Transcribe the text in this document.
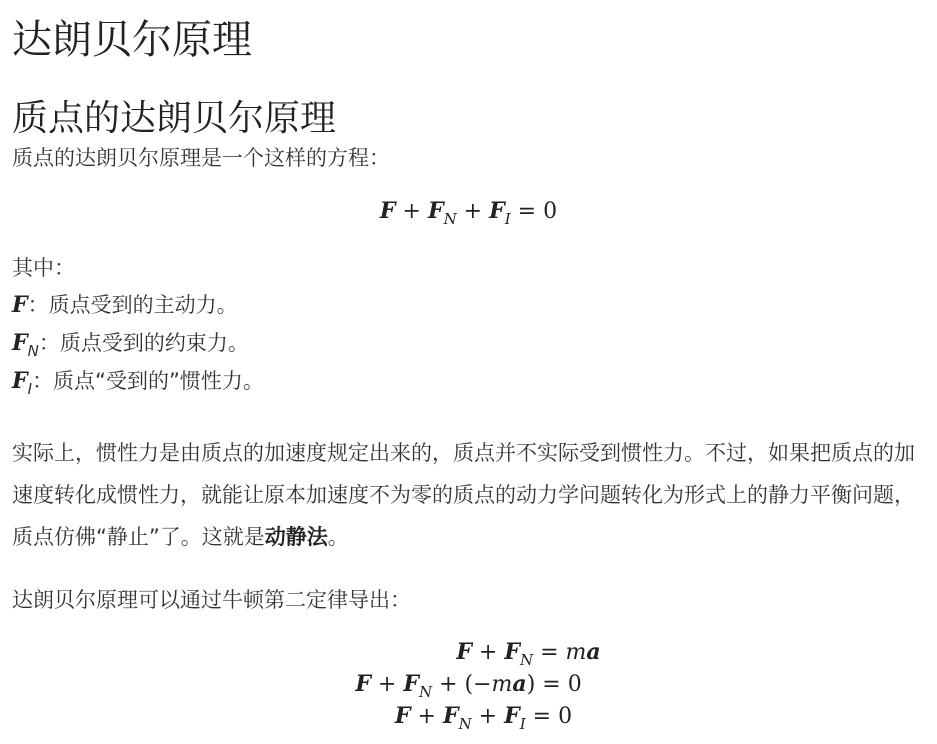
达朗贝尔原理
质点的达朗贝尔原理

质点的达朗贝尔原理是一个这样的方程：

$F + F_N + F_I = 0$

其中：

F：质点受到的主动力。
$F_N$：质点受到的约束力。
$F_I$：质点“受到的”惯性力。

实际上，惯性力是由质点的加速度规定出来的，质点并不实际受到惯性力。不过，如果把质点的加速度转化成惯性力，就能让原本加速度不为零的质点的动力学问题转化为形式上的静力平衡问题，质点仿佛“静止”了。这就是动静法。

达朗贝尔原理可以通过牛顿第二定律导出：

$F + F_N$ = ma
$F + F_N + (-ma) = 0$
$F + F_N + F_I = 0$
